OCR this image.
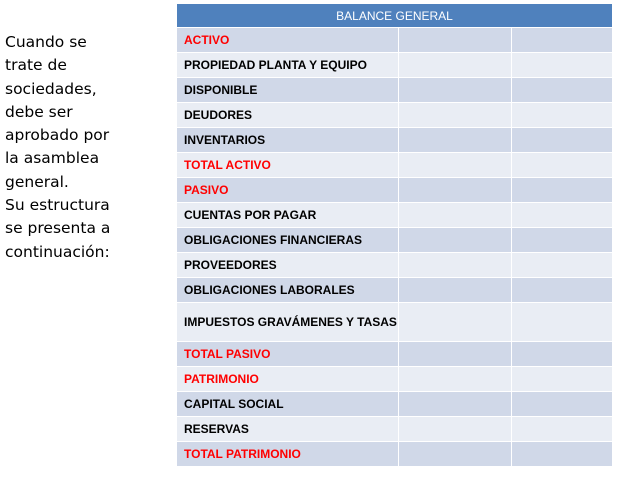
Cuando se
trate de
sociedades,
debe ser
aprobado por
la asamblea
general.
Su estructura
se presenta a
continuación:
BALANCE GENERAL		
ACTIVO		
PROPIEDAD PLANTA Y EQUIPO		
DISPONIBLE		
DEUDORES		
INVENTARIOS		
TOTAL ACTIVO		
PASIVO		
CUENTAS POR PAGAR		
OBLIGACIONES FINANCIERAS		
PROVEEDORES		
OBLIGACIONES LABORALES		
IMPUESTOS GRAVÁMENES Y TASAS		
TOTAL PASIVO		
PATRIMONIO		
CAPITAL SOCIAL		
RESERVAS		
TOTAL PATRIMONIO		
